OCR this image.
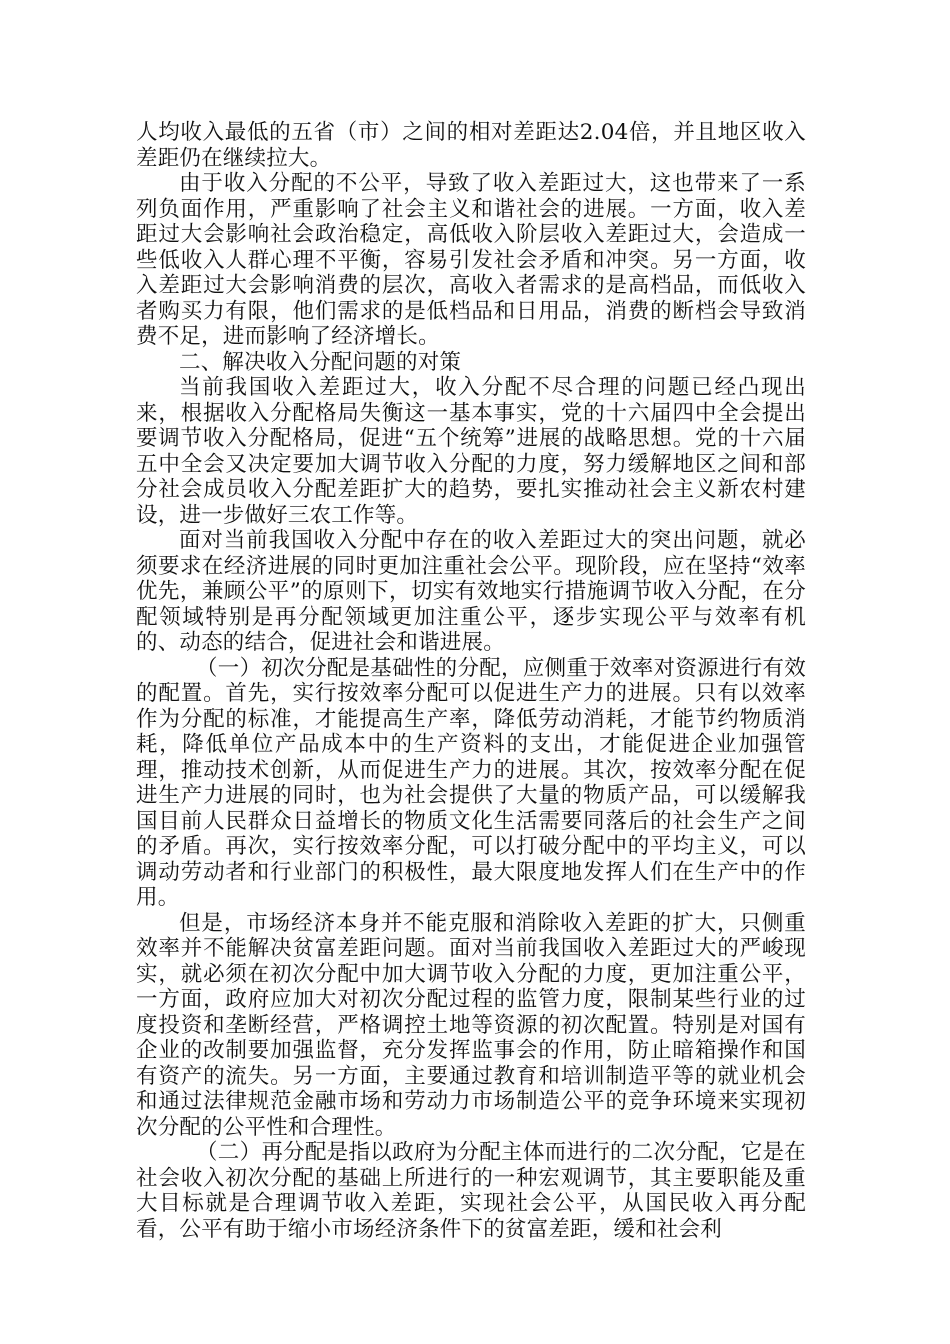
人均收入最低的五省（市）之间的相对差距达2.04倍，并且地区收入差距仍在继续拉大。

由于收入分配的不公平，导致了收入差距过大，这也带来了一系列负面作用，严重影响了社会主义和谐社会的进展。一方面，收入差距过大会影响社会政治稳定，高低收入阶层收入差距过大，会造成一些低收入人群心理不平衡，容易引发社会矛盾和冲突。另一方面，收入差距过大会影响消费的层次，高收入者需求的是高档品，而低收入者购买力有限，他们需求的是低档品和日用品，消费的断档会导致消费不足，进而影响了经济增长。

二、解决收入分配问题的对策

当前我国收入差距过大，收入分配不尽合理的问题已经凸现出来，根据收入分配格局失衡这一基本事实，党的十六届四中全会提出要调节收入分配格局，促进“五个统筹”进展的战略思想。党的十六届五中全会又决定要加大调节收入分配的力度，努力缓解地区之间和部分社会成员收入分配差距扩大的趋势，要扎实推动社会主义新农村建设，进一步做好三农工作等。

面对当前我国收入分配中存在的收入差距过大的突出问题，就必须要求在经济进展的同时更加注重社会公平。现阶段，应在坚持“效率优先，兼顾公平”的原则下，切实有效地实行措施调节收入分配，在分配领域特别是再分配领域更加注重公平，逐步实现公平与效率有机的、动态的结合，促进社会和谐进展。

（一）初次分配是基础性的分配，应侧重于效率对资源进行有效的配置。首先，实行按效率分配可以促进生产力的进展。只有以效率作为分配的标准，才能提高生产率，降低劳动消耗，才能节约物质消耗，降低单位产品成本中的生产资料的支出，才能促进企业加强管理，推动技术创新，从而促进生产力的进展。其次，按效率分配在促进生产力进展的同时，也为社会提供了大量的物质产品，可以缓解我国目前人民群众日益增长的物质文化生活需要同落后的社会生产之间的矛盾。再次，实行按效率分配，可以打破分配中的平均主义，可以调动劳动者和行业部门的积极性，最大限度地发挥人们在生产中的作用。

但是，市场经济本身并不能克服和消除收入差距的扩大，只侧重效率并不能解决贫富差距问题。面对当前我国收入差距过大的严峻现实，就必须在初次分配中加大调节收入分配的力度，更加注重公平，一方面，政府应加大对初次分配过程的监管力度，限制某些行业的过度投资和垄断经营，严格调控土地等资源的初次配置。特别是对国有企业的改制要加强监督，充分发挥监事会的作用，防止暗箱操作和国有资产的流失。另一方面，主要通过教育和培训制造平等的就业机会和通过法律规范金融市场和劳动力市场制造公平的竞争环境来实现初次分配的公平性和合理性。

（二）再分配是指以政府为分配主体而进行的二次分配，它是在社会收入初次分配的基础上所进行的一种宏观调节，其主要职能及重大目标就是合理调节收入差距，实现社会公平，从国民收入再分配看，公平有助于缩小市场经济条件下的贫富差距，缓和社会利
